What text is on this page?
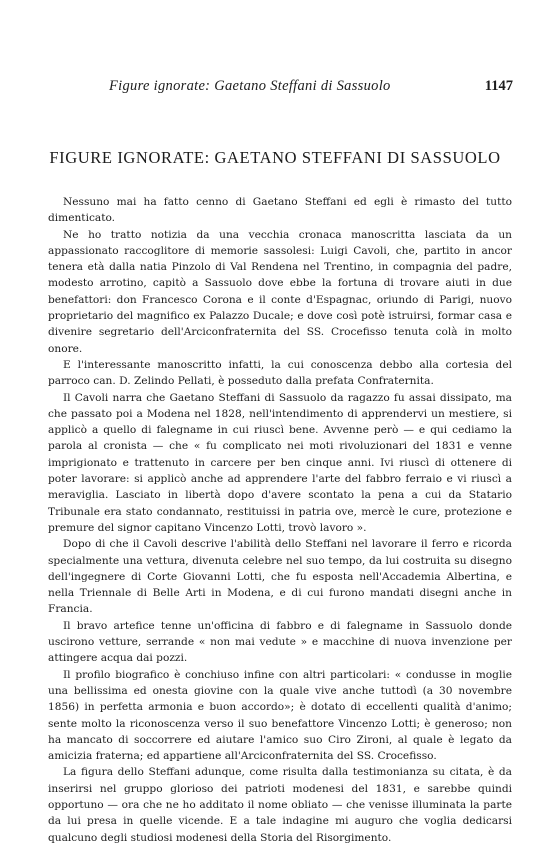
Figure ignorate: Gaetano Steffani di Sassuolo	1147
FIGURE IGNORATE: GAETANO STEFFANI DI SASSUOLO

Nessuno mai ha fatto cenno di Gaetano Steffani ed egli è rimasto del tutto dimenticato.

Ne ho tratto notizia da una vecchia cronaca manoscritta lasciata da un appassionato raccoglitore di memorie sassolesi: Luigi Cavoli, che, partito in ancor tenera età dalla natia Pinzolo di Val Rendena nel Trentino, in compagnia del padre, modesto arrotino, capitò a Sassuolo dove ebbe la fortuna di trovare aiuti in due benefattori: don Francesco Corona e il conte d'Espagnac, oriundo di Parigi, nuovo proprietario del magnifico ex Palazzo Ducale; e dove così potè istruirsi, formar casa e divenire segretario dell'Arciconfraternita del SS. Crocefisso tenuta colà in molto onore.

E l'interessante manoscritto infatti, la cui conoscenza debbo alla cortesia del parroco can. D. Zelindo Pellati, è posseduto dalla prefata Confraternita.

Il Cavoli narra che Gaetano Steffani di Sassuolo da ragazzo fu assai dissipato, ma che passato poi a Modena nel 1828, nell'intendimento di apprendervi un mestiere, si applicò a quello di falegname in cui riuscì bene. Avvenne però — e qui cediamo la parola al cronista — che « fu complicato nei moti rivoluzionari del 1831 e venne imprigionato e trattenuto in carcere per ben cinque anni. Ivi riuscì di ottenere di poter lavorare: si applicò anche ad apprendere l'arte del fabbro ferraio e vi riuscì a meraviglia. Lasciato in libertà dopo d'avere scontato la pena a cui da Statario Tribunale era stato condannato, restituissi in patria ove, mercè le cure, protezione e premure del signor capitano Vincenzo Lotti, trovò lavoro ».

Dopo di che il Cavoli descrive l'abilità dello Steffani nel lavorare il ferro e ricorda specialmente una vettura, divenuta celebre nel suo tempo, da lui costruita su disegno dell'ingegnere di Corte Giovanni Lotti, che fu esposta nell'Accademia Albertina, e nella Triennale di Belle Arti in Modena, e di cui furono mandati disegni anche in Francia.

Il bravo artefice tenne un'officina di fabbro e di falegname in Sassuolo donde uscirono vetture, serrande « non mai vedute » e macchine di nuova invenzione per attingere acqua dai pozzi.

Il profilo biografico è conchiuso infine con altri particolari: « condusse in moglie una bellissima ed onesta giovine con la quale vive anche tuttodì (a 30 novembre 1856) in perfetta armonia e buon accordo»; è dotato di eccellenti qualità d'animo; sente molto la riconoscenza verso il suo benefattore Vincenzo Lotti; è generoso; non ha mancato di soccorrere ed aiutare l'amico suo Ciro Zironi, al quale è legato da amicizia fraterna; ed appartiene all'Arciconfraternita del SS. Crocefisso.

La figura dello Steffani adunque, come risulta dalla testimonianza su citata, è da inserirsi nel gruppo glorioso dei patrioti modenesi del 1831, e sarebbe quindi opportuno — ora che ne ho additato il nome obliato — che venisse illuminata la parte da lui presa in quelle vicende. E a tale indagine mi auguro che voglia dedicarsi qualcuno degli studiosi modenesi della Storia del Risorgimento.
